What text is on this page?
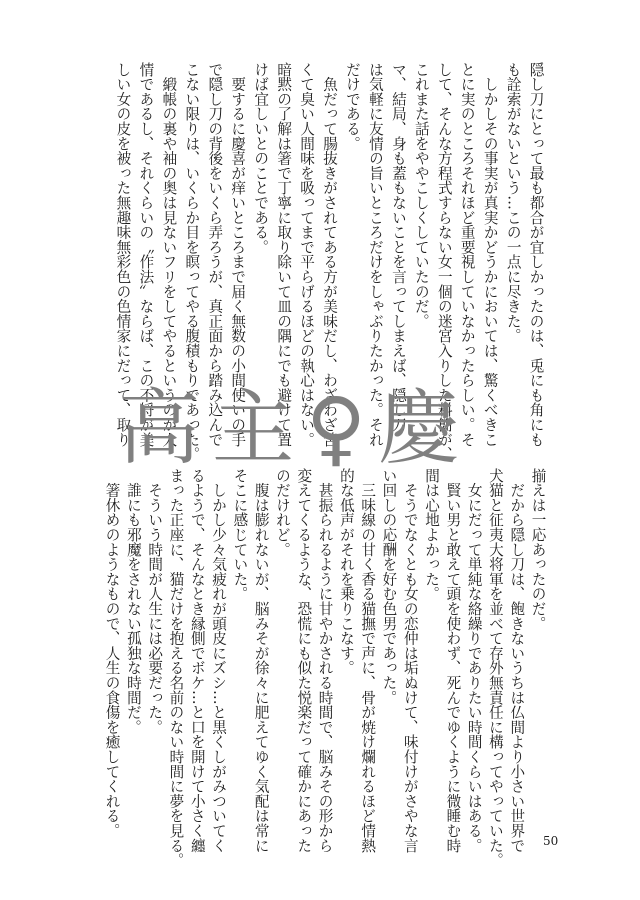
隠し刀にとって最も都合が宜しかったのは、兎にも角にも
も詮索がないという…この一点に尽きた。
　しかしその事実が真実かどうかにおいては、驚くべきこ
とに実のところそれほど重要視していなかったらしい。そ
して、そんな方程式すらない女一個の迷宮入りした料簡が、
これまた話をややこしくしていたのだ。
マ、結局、身も蓋もないことを言ってしまえば、隠し刀
は気軽に友情の旨いところだけをしゃぶりたかった。それ
だけである。
　魚だって腸抜きがされてある方が美味だし、わざわざ苦
くて臭い人間味を吸ってまで平らげるほどの執心はない。
暗黙の了解は箸で丁寧に取り除いて皿の隅にでも避けて置
けば宜しいとのことである。
　要するに慶喜が痒いところまで届く無数の小間使いの手
で隠し刀の背後をいくら弄ろうが、真正面から踏み込んで
こない限りは、いくらか目を瞑ってやる腹積もりであった。
　緞帳の裏や袖の奥は見ないフリをしてやるというのが人
情であるし、それくらいの〝作法〟ならば、この不埒が美
しい女の皮を被った無趣味無彩色の色情家にだって、取り
揃えは一応あったのだ。
　だから隠し刀は、飽きないうちは仏間より小さい世界で
犬猫と征夷大将軍を並べて存外無責任に構ってやっていた。
　女にだって単純な絡繰りでありたい時間くらいはある。
　賢い男と敢えて頭を使わず、死んでゆくように微睡む時
間は心地よかった。
　そうでなくとも女の恋仲は垢ぬけて、味付けがさやな言
い回しの応酬を好む色男であった。
　三味線の甘く香る猫撫で声に、骨が焼け爛れるほど情熱
的な低声がそれを乗りこなす。
　甚振られるように甘やかされる時間で、脳みその形から
変えてくるような、恐慌にも似た悦楽だって確かにあった
のだけれど。
　腹は膨れないが、脳みそが徐々に肥えてゆく気配は常に
そこに感じていた。
　しかし少々気疲れが頭皮にズシ…と黒くしがみついてく
るようで、そんなとき縁側でボケ…と口を開けて小さく纏
まった正座に、猫だけを抱える名前のない時間に夢を見る。
　そういう時間が人生には必要だった。
　誰にも邪魔をされない孤独な時間だ。
　箸休めのようなもので、人生の食傷を癒してくれる。
高主♀慶
50
